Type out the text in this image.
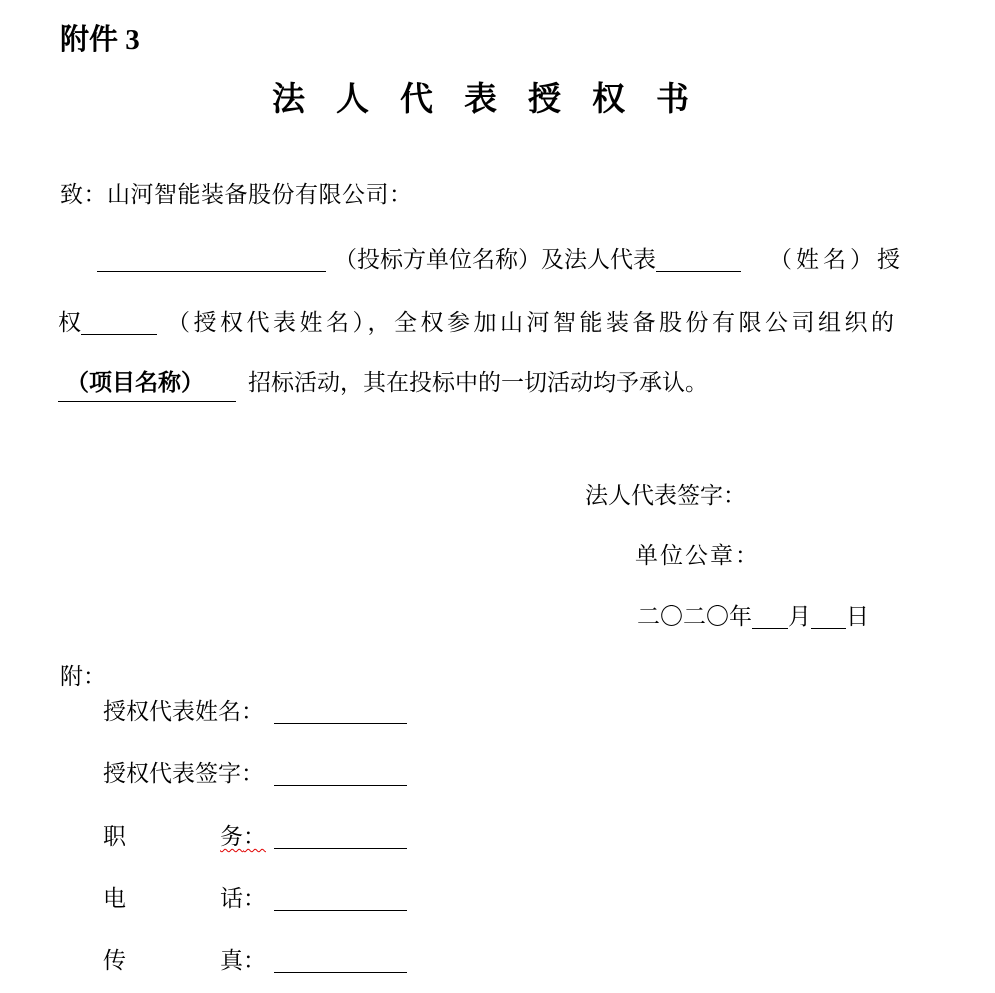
附件 3
法人代表授权书
致：山河智能装备股份有限公司：
（投标方单位名称）及法人代表	（姓名）授
权	（授权代表姓名），全权参加山河智能装备股份有限公司组织的
（项目名称） 招标活动，其在投标中的一切活动均予承认。
法人代表签字：
单位公章：
二〇二〇年 月 日
附：
授权代表姓名 ：
授权代表签字 ：
职	务 ：
电	话 ：
传	真 ：
